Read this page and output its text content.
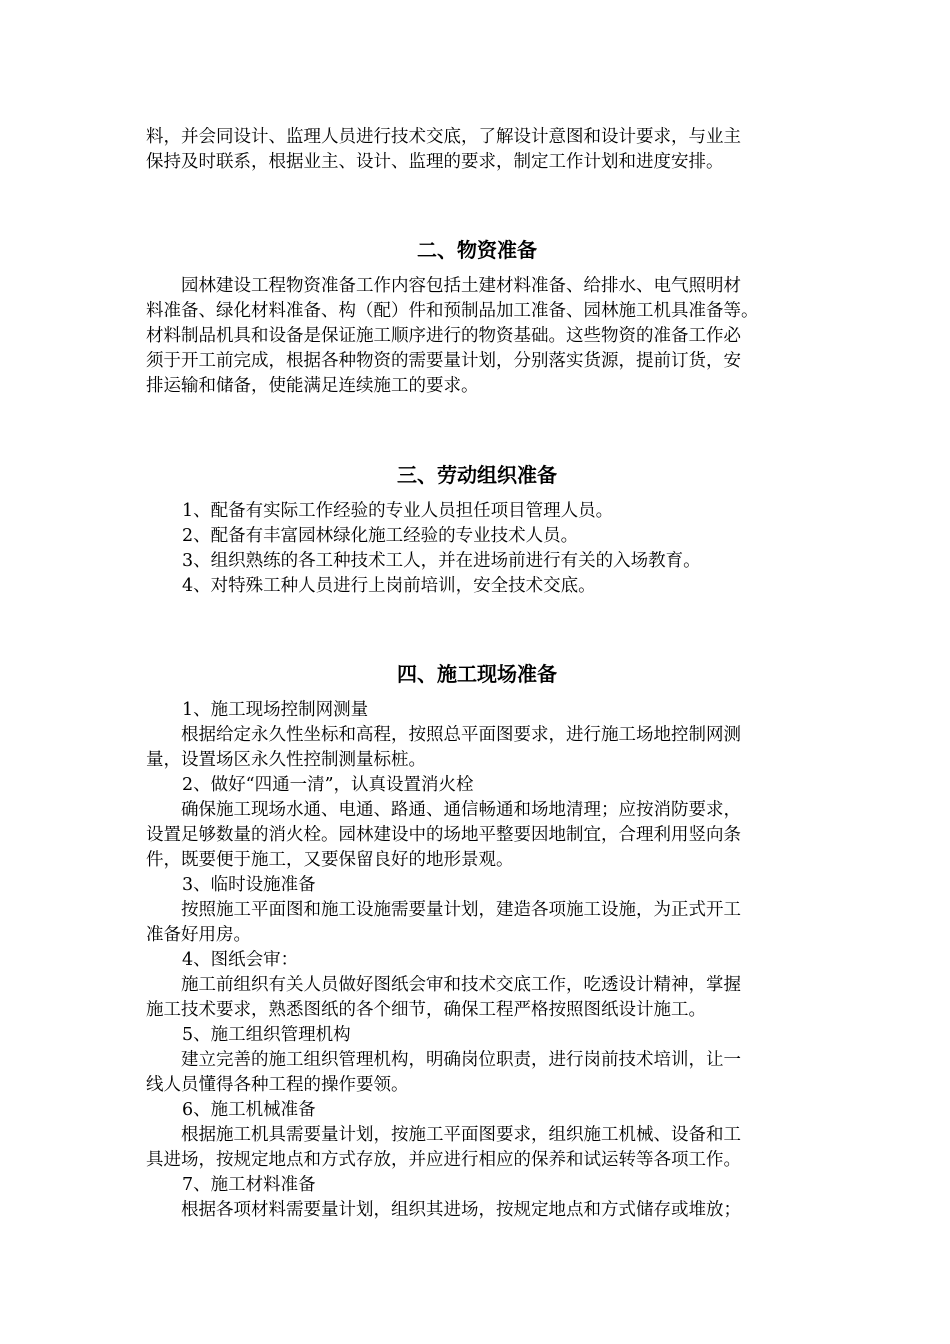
料，并会同设计、监理人员进行技术交底，了解设计意图和设计要求，与业主

保持及时联系，根据业主、设计、监理的要求，制定工作计划和进度安排。

二、物资准备

园林建设工程物资准备工作内容包括土建材料准备、给排水、电气照明材

料准备、绿化材料准备、构（配）件和预制品加工准备、园林施工机具准备等。

材料制品机具和设备是保证施工顺序进行的物资基础。这些物资的准备工作必

须于开工前完成，根据各种物资的需要量计划，分别落实货源，提前订货，安

排运输和储备，使能满足连续施工的要求。

三、劳动组织准备

1、配备有实际工作经验的专业人员担任项目管理人员。

2、配备有丰富园林绿化施工经验的专业技术人员。

3、组织熟练的各工种技术工人，并在进场前进行有关的入场教育。

4、对特殊工种人员进行上岗前培训，安全技术交底。

四、施工现场准备

1、施工现场控制网测量

根据给定永久性坐标和高程，按照总平面图要求，进行施工场地控制网测

量，设置场区永久性控制测量标桩。

2、做好“四通一清”，认真设置消火栓

确保施工现场水通、电通、路通、通信畅通和场地清理；应按消防要求，

设置足够数量的消火栓。园林建设中的场地平整要因地制宜，合理利用竖向条

件，既要便于施工，又要保留良好的地形景观。

3、临时设施准备

按照施工平面图和施工设施需要量计划，建造各项施工设施，为正式开工

准备好用房。

4、图纸会审：

施工前组织有关人员做好图纸会审和技术交底工作，吃透设计精神，掌握

施工技术要求，熟悉图纸的各个细节，确保工程严格按照图纸设计施工。

5、施工组织管理机构

建立完善的施工组织管理机构，明确岗位职责，进行岗前技术培训，让一

线人员懂得各种工程的操作要领。

6、施工机械准备

根据施工机具需要量计划，按施工平面图要求，组织施工机械、设备和工

具进场，按规定地点和方式存放，并应进行相应的保养和试运转等各项工作。

7、施工材料准备

根据各项材料需要量计划，组织其进场，按规定地点和方式储存或堆放；
